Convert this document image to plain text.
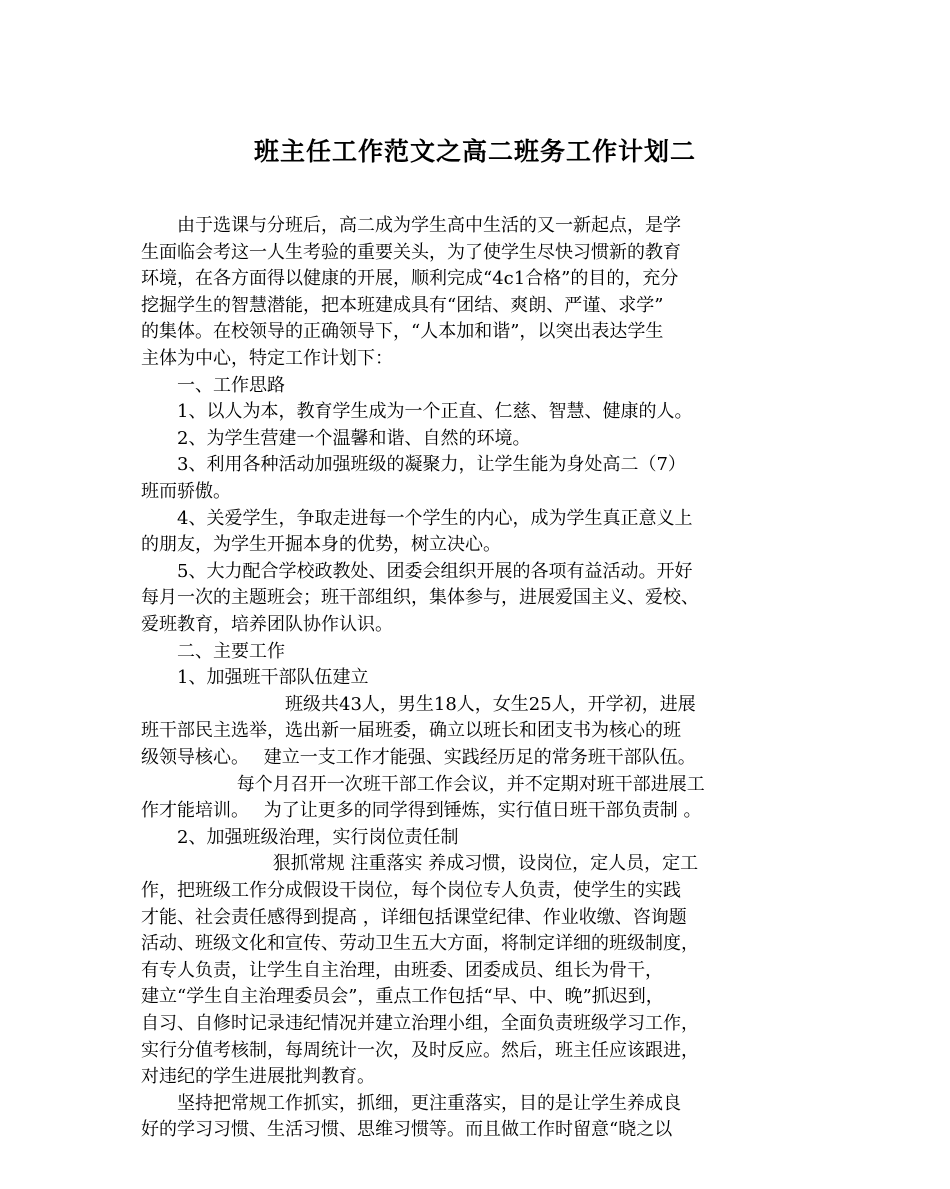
班主任工作范文之高二班务工作计划二
　　由于选课与分班后，高二成为学生高中生活的又一新起点，是学
生面临会考这一人生考验的重要关头，为了使学生尽快习惯新的教育
环境，在各方面得以健康的开展，顺利完成“4c1合格”的目的，充分
挖掘学生的智慧潜能，把本班建成具有“团结、爽朗、严谨、求学”
的集体。在校领导的正确领导下，“人本加和谐”，以突出表达学生
主体为中心，特定工作计划下：
　　一、工作思路
　　1、以人为本，教育学生成为一个正直、仁慈、智慧、健康的人。
　　2、为学生营建一个温馨和谐、自然的环境。
　　3、利用各种活动加强班级的凝聚力，让学生能为身处高二（7）
班而骄傲。
　　4、关爱学生，争取走进每一个学生的内心，成为学生真正意义上
的朋友，为学生开掘本身的优势，树立决心。
　　5、大力配合学校政教处、团委会组织开展的各项有益活动。开好
每月一次的主题班会；班干部组织，集体参与，进展爱国主义、爱校、
爱班教育，培养团队协作认识。
　　二、主要工作
　　1、加强班干部队伍建立
　　　　　　　　班级共43人，男生18人，女生25人，开学初，进展
班干部民主选举，选出新一届班委，确立以班长和团支书为核心的班
级领导核心。　 建立一支工作才能强、实践经历足的常务班干部队伍。
　　　　　 每个月召开一次班干部工作会议，并不定期对班干部进展工
作才能培训。　 为了让更多的同学得到锤炼，实行值日班干部负责制 。
　　2、加强班级治理，实行岗位责任制
　　　　　　　 狠抓常规 注重落实 养成习惯，设岗位，定人员，定工
作，把班级工作分成假设干岗位，每个岗位专人负责，使学生的实践
才能、社会责任感得到提高 ，详细包括课堂纪律、作业收缴、咨询题
活动、班级文化和宣传、劳动卫生五大方面，将制定详细的班级制度，
有专人负责，让学生自主治理，由班委、团委成员、组长为骨干，
建立“学生自主治理委员会”，重点工作包括“早、中、晚”抓迟到，
自习、自修时记录违纪情况并建立治理小组，全面负责班级学习工作，
实行分值考核制，每周统计一次，及时反应。然后，班主任应该跟进，
对违纪的学生进展批判教育。
　　坚持把常规工作抓实，抓细，更注重落实，目的是让学生养成良
好的学习习惯、生活习惯、思维习惯等。而且做工作时留意“晓之以
